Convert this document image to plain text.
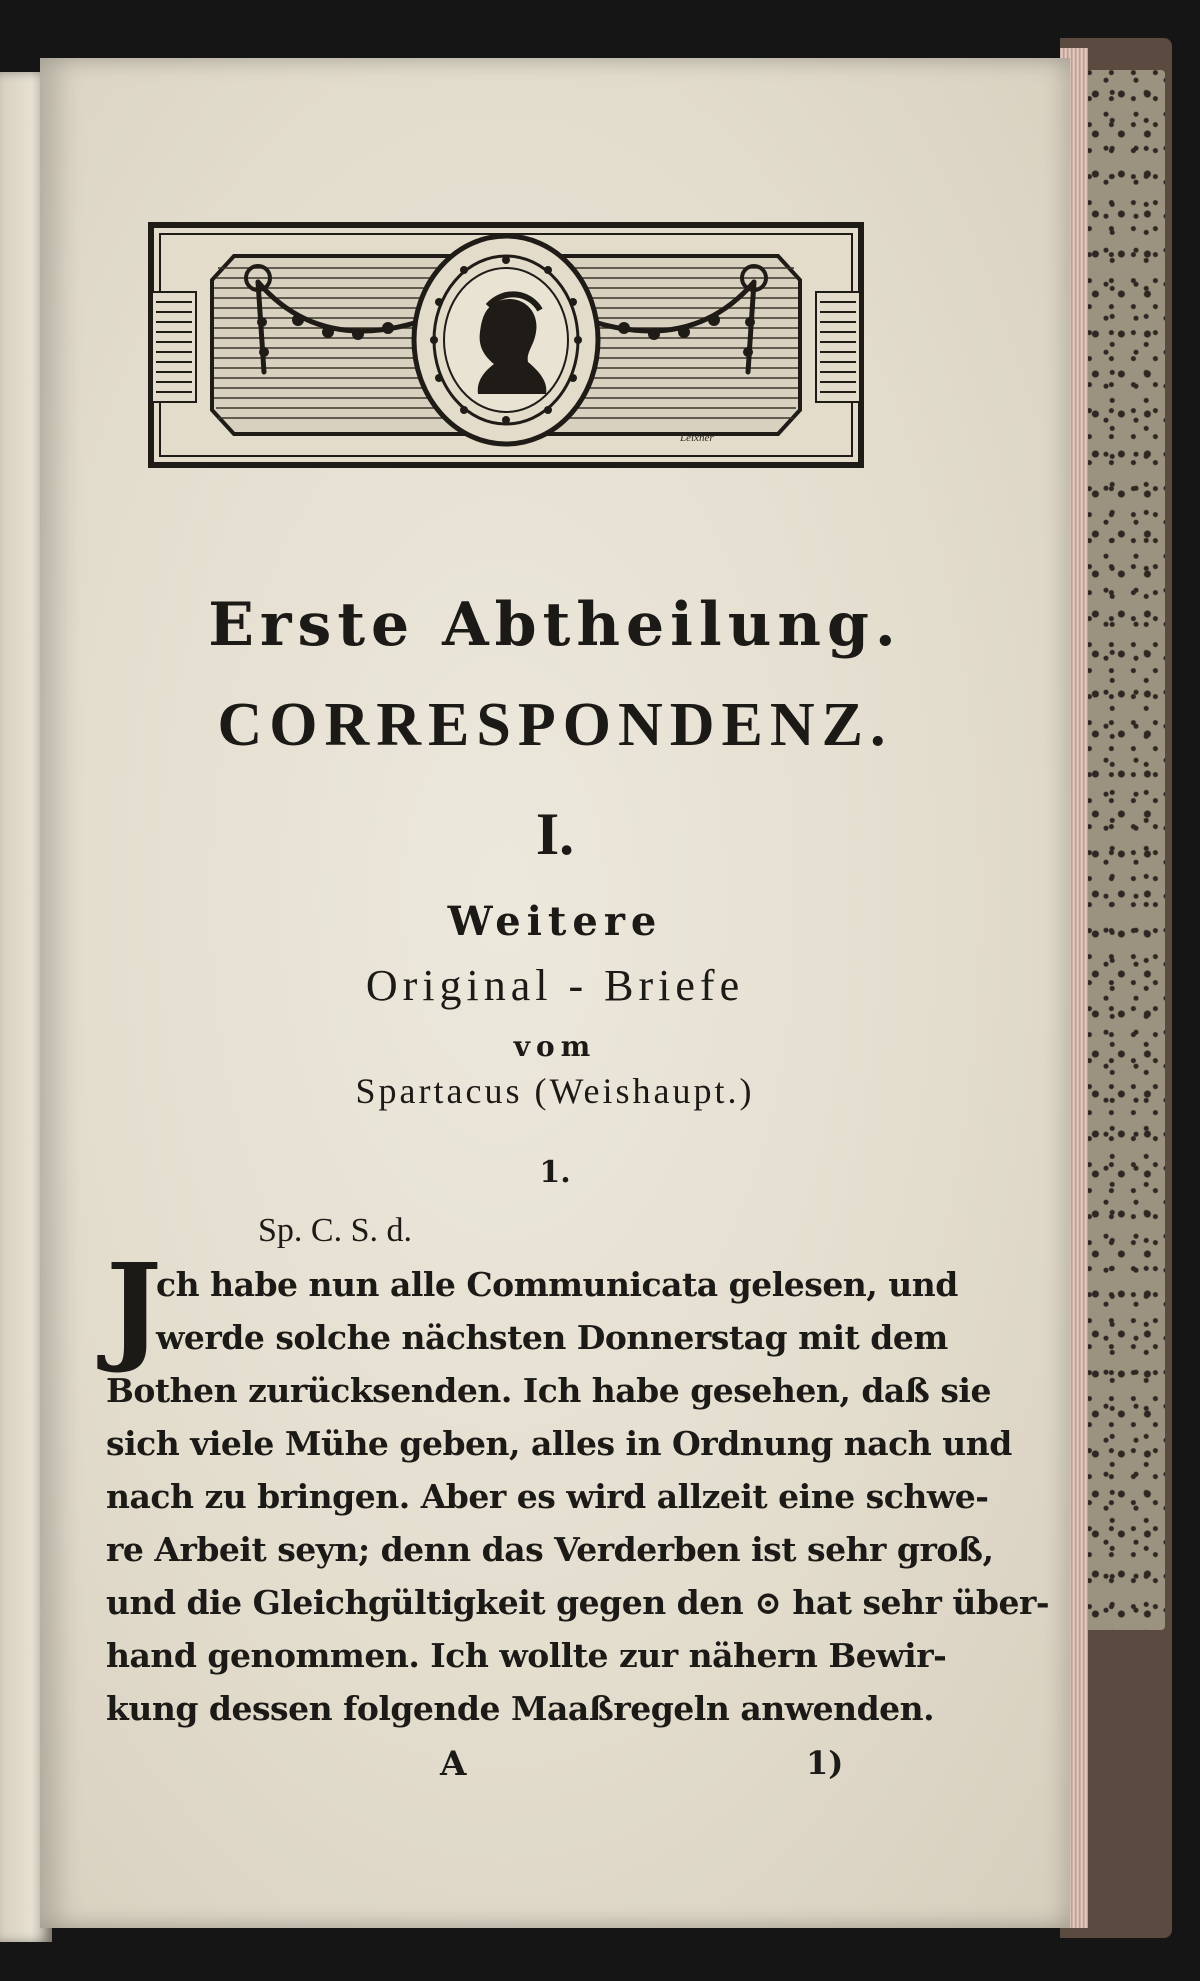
Leixner

Erste Abtheilung.
CORRESPONDENZ.
I.

Weitere

Original - Briefe

vom

Spartacus (Weishaupt.)

1.

Sp. C. S. d.

J

ch habe nun alle Communicata gelesen, und
werde solche nächsten Donnerstag mit dem
Bothen zurücksenden. Ich habe gesehen, daß sie
sich viele Mühe geben, alles in Ordnung nach und
nach zu bringen. Aber es wird allzeit eine schwe-
re Arbeit seyn; denn das Verderben ist sehr groß,
und die Gleichgültigkeit gegen den ⊙ hat sehr über-
hand genommen. Ich wollte zur nähern Bewir-
kung dessen folgende Maaßregeln anwenden.

A	1)
